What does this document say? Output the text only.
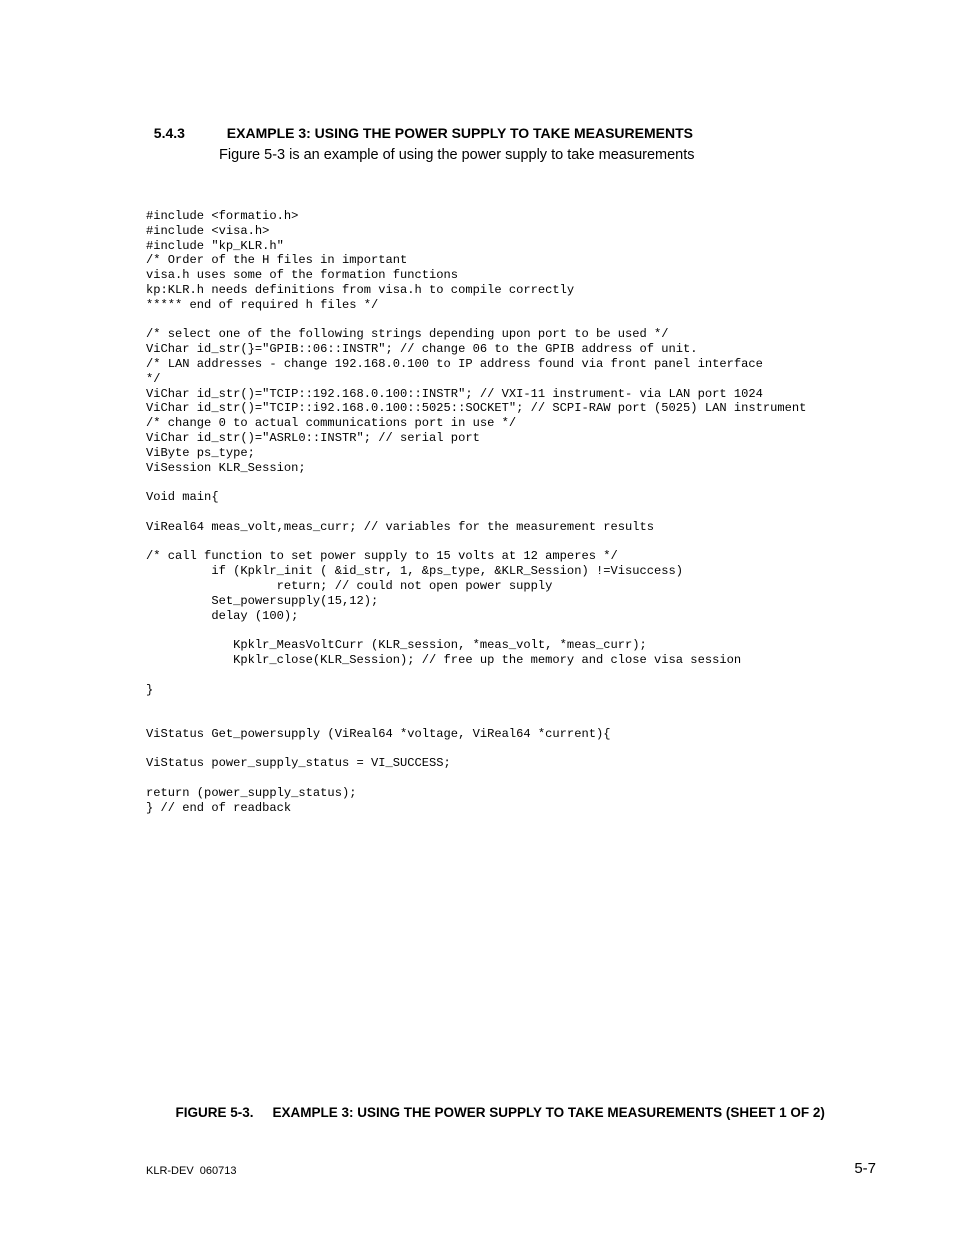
5.4.3	EXAMPLE 3: USING THE POWER SUPPLY TO TAKE MEASUREMENTS

Figure 5-3 is an example of using the power supply to take measurements
#include <formatio.h>
#include <visa.h>
#include "kp_KLR.h"
/* Order of the H files in important
visa.h uses some of the formation functions
kp:KLR.h needs definitions from visa.h to compile correctly
***** end of required h files */
/* select one of the following strings depending upon port to be used */
ViChar id_str(}="GPIB::06::INSTR"; // change 06 to the GPIB address of unit.
/* LAN addresses - change 192.168.0.100 to IP address found via front panel interface
*/
ViChar id_str()="TCIP::192.168.0.100::INSTR"; // VXI-11 instrument- via LAN port 1024
ViChar id_str()="TCIP::i92.168.0.100::5025::SOCKET"; // SCPI-RAW port (5025) LAN instrument
/* change 0 to actual communications port in use */
ViChar id_str()="ASRL0::INSTR"; // serial port
ViByte ps_type;
ViSession KLR_Session;
Void main{
ViReal64 meas_volt,meas_curr; // variables for the measurement results
/* call function to set power supply to 15 volts at 12 amperes */
if (Kpklr_init ( &id_str, 1, &ps_type, &KLR_Session) !=Visuccess)
return; // could not open power supply
Set_powersupply(15,12);
delay (100);
Kpklr_MeasVoltCurr (KLR_session, *meas_volt, *meas_curr);
Kpklr_close(KLR_Session); // free up the memory and close visa session
}
ViStatus Get_powersupply (ViReal64 *voltage, ViReal64 *current){
ViStatus power_supply_status = VI_SUCCESS;
return (power_supply_status);
} // end of readback

FIGURE 5-3. EXAMPLE 3: USING THE POWER SUPPLY TO TAKE MEASUREMENTS (SHEET 1 OF 2)

KLR-DEV  060713	5-7
